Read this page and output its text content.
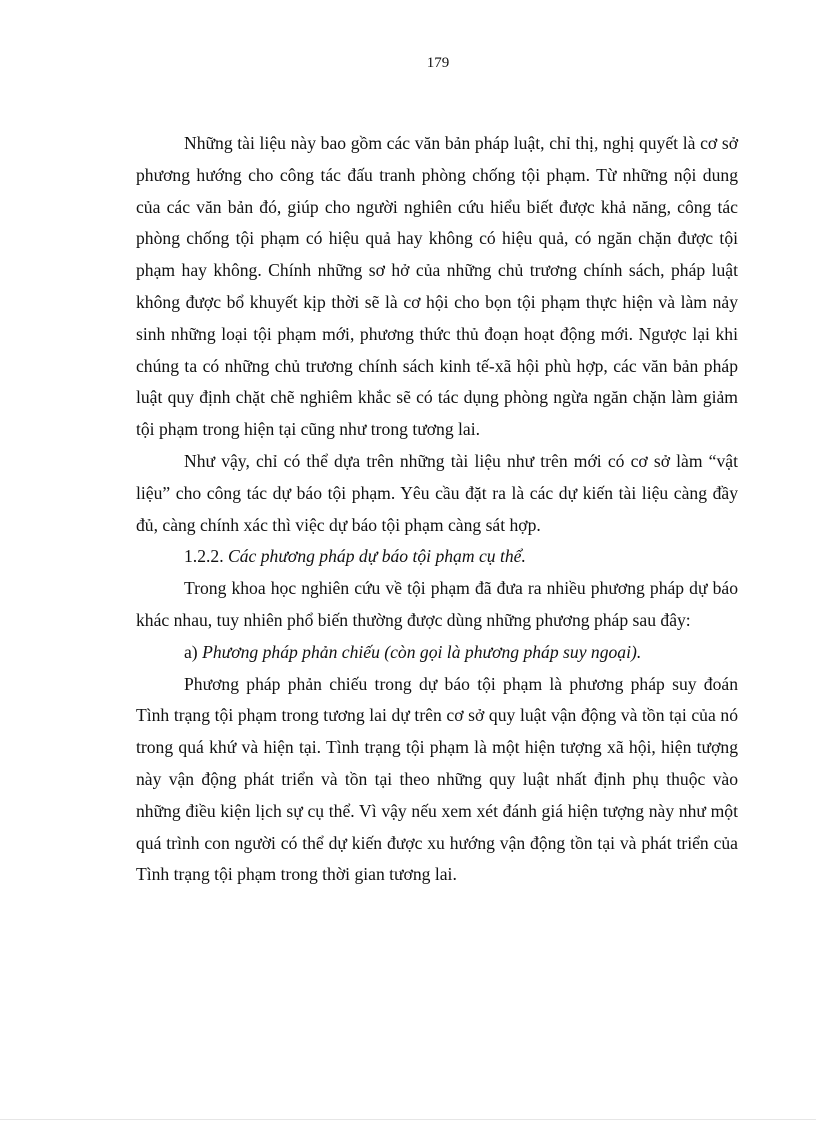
179

Những tài liệu này bao gồm các văn bản pháp luật, chỉ thị, nghị quyết là cơ sở phương hướng cho công tác đấu tranh phòng chống tội phạm. Từ những nội dung của các văn bản đó, giúp cho người nghiên cứu hiểu biết được khả năng, công tác phòng chống tội phạm có hiệu quả hay không có hiệu quả, có ngăn chặn được tội phạm hay không. Chính những sơ hở của những chủ trương chính sách, pháp luật không được bổ khuyết kịp thời sẽ là cơ hội cho bọn tội phạm thực hiện và làm nảy sinh những loại tội phạm mới, phương thức thủ đoạn hoạt động mới. Ngược lại khi chúng ta có những chủ trương chính sách kinh tế-xã hội phù hợp, các văn bản pháp luật quy định chặt chẽ nghiêm khắc sẽ có tác dụng phòng ngừa ngăn chặn làm giảm tội phạm trong hiện tại cũng như trong tương lai.

Như vậy, chỉ có thể dựa trên những tài liệu như trên mới có cơ sở làm “vật liệu” cho công tác dự báo tội phạm. Yêu cầu đặt ra là các dự kiến tài liệu càng đầy đủ, càng chính xác thì việc dự báo tội phạm càng sát hợp.

1.2.2. Các phương pháp dự báo tội phạm cụ thể.

Trong khoa học nghiên cứu về tội phạm đã đưa ra nhiều phương pháp dự báo khác nhau, tuy nhiên phổ biến thường được dùng những phương pháp sau đây:

a) Phương pháp phản chiếu (còn gọi là phương pháp suy ngoại).

Phương pháp phản chiếu trong dự báo tội phạm là phương pháp suy đoán Tình trạng tội phạm trong tương lai dự trên cơ sở quy luật vận động và tồn tại của nó trong quá khứ và hiện tại. Tình trạng tội phạm là một hiện tượng xã hội, hiện tượng này vận động phát triển và tồn tại theo những quy luật nhất định phụ thuộc vào những điều kiện lịch sự cụ thể. Vì vậy nếu xem xét đánh giá hiện tượng này như một quá trình con người có thể dự kiến được xu hướng vận động tồn tại và phát triển của Tình trạng tội phạm trong thời gian tương lai.
